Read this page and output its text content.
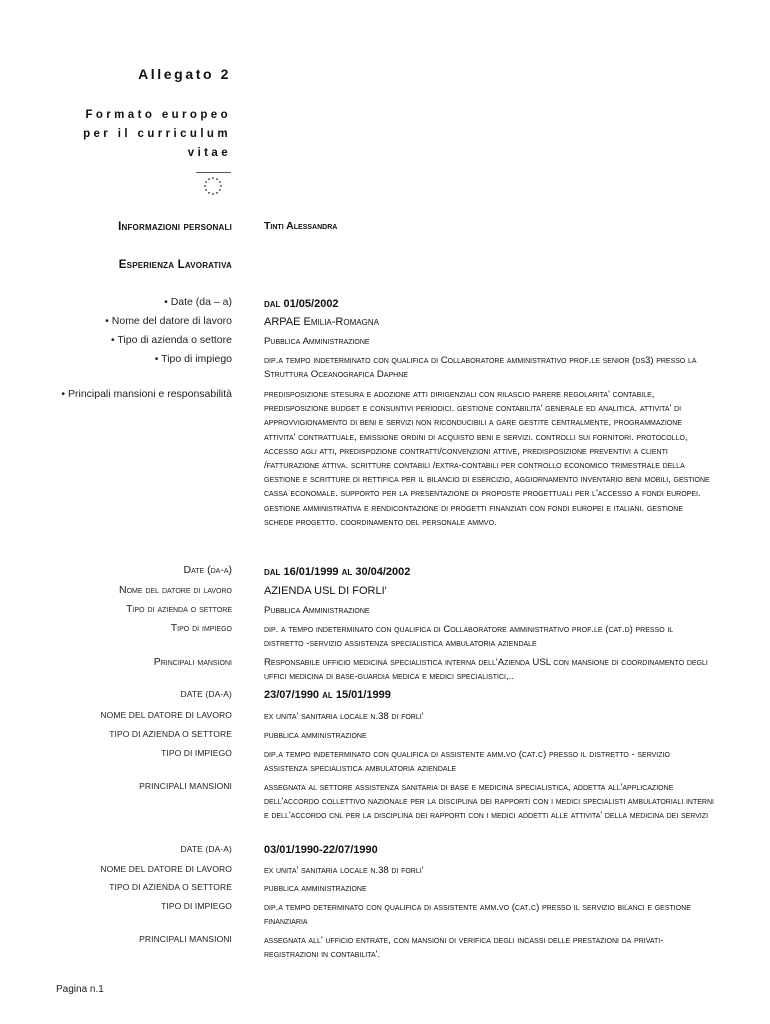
Allegato 2
Formato europeo
per il curriculum
vitae
Informazioni personali	Tinti Alessandra
Esperienza Lavorativa
• Date (da – a)	dal 01/05/2002
• Nome del datore di lavoro	ARPAE Emilia-Romagna
• Tipo di azienda o settore	Pubblica Amministrazione
• Tipo di impiego	dip.a tempo indeterminato con qualifica di Collaboratore amministrativo prof.le senior (ds3) presso la Struttura Oceanografica Daphne
• Principali mansioni e responsabilità	predisposizione stesura e adozione atti dirigenziali con rilascio parere regolarita' contabile, predisposizione budget e consuntivi periodici. gestione contabilita' generale ed analitica. attivita' di approvvigionamento di beni e servizi non riconducibili a gare gestite centralmente, programmazione attivita' contrattuale, emissione ordini di acquisto beni e servizi. controlli sui fornitori. protocollo, accesso agli atti, predispozione contratti/convenzioni attive, predisposizione preventivi a clienti /fatturazione attiva. scritture contabili /extra-contabili per controllo economico trimestrale della gestione e scritture di rettifica per il bilancio di esercizio, aggiornamento inventario beni mobili, gestione cassa economale. supporto per la presentazione di proposte progettuali per l'accesso a fondi europei. gestione amministrativa e rendicontazione di progetti finanziati con fondi europei e italiani. gestione schede progetto. coordinamento del personale ammvo.
Date (da-a)	dal 16/01/1999 al 30/04/2002
Nome del datore di lavoro	AZIENDA USL DI FORLI'
Tipo di azienda o settore	Pubblica Amministrazione
Tipo di impiego	dip. a tempo indeterminato con qualifica di Collaboratore amministrativo prof.le (cat.d) presso il distretto -servizio assistenza specialistica ambulatoria aziendale
Principali mansioni	Responsabile ufficio medicina specialistica interna dell'Azienda USL con mansione di coordinamento degli uffici medicina di base-guardia medica e medici specialistici,..
DATE (DA-A)	23/07/1990 al 15/01/1999
NOME DEL DATORE DI LAVORO	ex unita' sanitaria locale n.38 di forli'
TIPO DI AZIENDA O SETTORE	pubblica amministrazione
TIPO DI IMPIEGO	dip.a tempo indeterminato con qualifica di assistente amm.vo (cat.c) presso il distretto - servizio assistenza specialistica ambulatoria aziendale
PRINCIPALI MANSIONI	assegnata al settore assistenza sanitaria di base e medicina specialistica, addetta all'applicazione dell'accordo collettivo nazionale per la disciplina dei rapporti con i medici specialisti ambulatoriali interni e dell'accordo cnl per la disciplina dei rapporti con i medici addetti alle attivita' della medicina dei servizi
DATE (DA-A)	03/01/1990-22/07/1990
NOME DEL DATORE DI LAVORO	ex unita' sanitaria locale n.38 di forli'
TIPO DI AZIENDA O SETTORE	pubblica amministrazione
TIPO DI IMPIEGO	dip.a tempo determinato con qualifica di assistente amm.vo (cat.c) presso il servizio bilanci e gestione finanziaria
PRINCIPALI MANSIONI	assegnata all' ufficio entrate, con mansioni di verifica degli incassi delle prestazioni da privati-registrazioni in contabilita'.
Pagina n.1
